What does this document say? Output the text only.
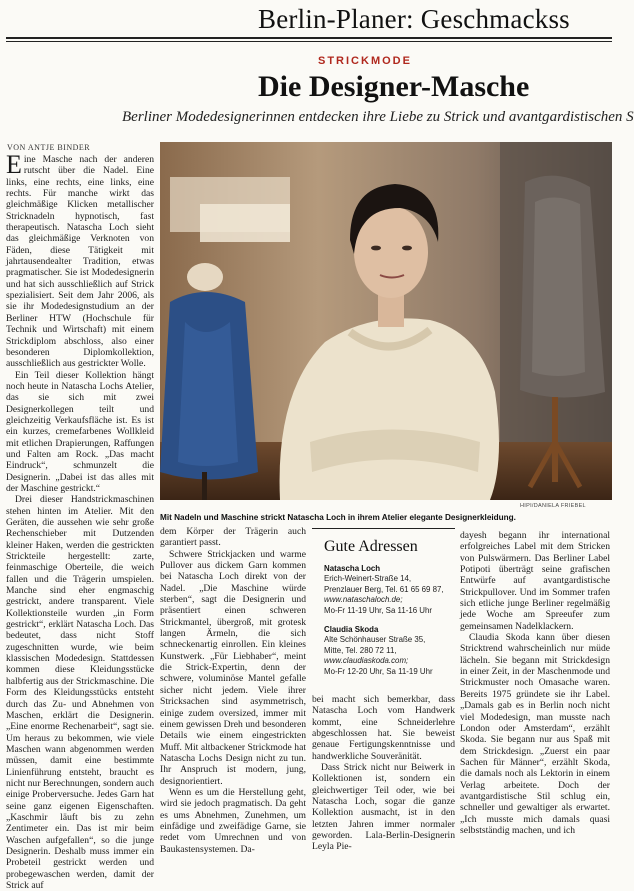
Berlin-Planer: Geschmackss
STRICKMODE
Die Designer-Masche
Berliner Modedesignerinnen entdecken ihre Liebe zu Strick und avantgardistischen S
VON ANTJE BINDER

Eine Masche nach der anderen rutscht über die Nadel. Eine links, eine rechts, eine links, eine rechts. Für manche wirkt das gleichmäßige Klicken metallischer Stricknadeln hypnotisch, fast therapeutisch. Natascha Loch sieht das gleichmäßige Verknoten von Fäden, diese Tätigkeit mit jahrtausendealter Tradition, etwas pragmatischer. Sie ist Modedesignerin und hat sich ausschließlich auf Strick spezialisiert. Seit dem Jahr 2006, als sie ihr Modedesignstudium an der Berliner HTW (Hochschule für Technik und Wirtschaft) mit einem Strickdiplom abschloss, also einer besonderen Diplomkollektion, ausschließlich aus gestrickter Wolle.

Ein Teil dieser Kollektion hängt noch heute in Natascha Lochs Atelier, das sie sich mit zwei Designerkollegen teilt und gleichzeitig Verkaufsfläche ist. Es ist ein kurzes, cremefarbenes Wollkleid mit etlichen Drapierungen, Raffungen und Falten am Rock. „Das macht Eindruck“, schmunzelt die Designerin. „Dabei ist das alles mit der Maschine gestrickt.“

Drei dieser Handstrickmaschinen stehen hinten im Atelier. Mit den Geräten, die aussehen wie sehr große Rechenschieber mit Dutzenden kleiner Haken, werden die gestrickten Strickteile hergestellt: zarte, feinmaschige Oberteile, die weich fallen und die Trägerin umspielen. Manche sind eher engmaschig gestrickt, andere transparent. Viele Kollektionsteile wurden „in Form gestrickt“, erklärt Natascha Loch. Das bedeutet, dass nicht Stoff zugeschnitten wurde, wie beim klassischen Modedesign. Stattdessen kommen diese Kleidungsstücke halbfertig aus der Strickmaschine. Die Form des Kleidungsstücks entsteht durch das Zu- und Abnehmen von Maschen, erklärt die Designerin. „Eine enorme Rechenarbeit“, sagt sie. Um heraus zu bekommen, wie viele Maschen wann abgenommen werden müssen, damit eine bestimmte Linienführung entsteht, braucht es nicht nur Berechnungen, sondern auch einige Proberversuche. Jedes Garn hat seine ganz eigenen Eigenschaften. „Kaschmir läuft bis zu zehn Zentimeter ein. Das ist mir beim Waschen aufgefallen“, so die junge Designerin. Deshalb muss immer ein Probeteil gestrickt werden und probegewaschen werden, damit der Strick auf

HIPI/DANIELA FRIEBEL
Mit Nadeln und Maschine strickt Natascha Loch in ihrem Atelier elegante Designerkleidung.

dem Körper der Trägerin auch garantiert passt.

Schwere Strickjacken und warme Pullover aus dickem Garn kommen bei Natascha Loch direkt von der Nadel. „Die Maschine würde sterben“, sagt die Designerin und präsentiert einen schweren Strickmantel, übergroß, mit grotesk langen Ärmeln, die sich schneckenartig einrollen. Ein kleines Kunstwerk. „Für Liebhaber“, meint die Strick-Expertin, denn der schwere, voluminöse Mantel gefalle sicher nicht jedem. Viele ihrer Stricksachen sind asymmetrisch, einige zudem oversized, immer mit einem gewissen Dreh und besonderen Details wie einem eingestrickten Muff. Mit altbackener Strickmode hat Natascha Lochs Design nicht zu tun. Ihr Anspruch ist modern, jung, designorientiert.

Wenn es um die Herstellung geht, wird sie jedoch pragmatisch. Da geht es ums Abnehmen, Zunehmen, um einfädige und zweifädige Garne, sie redet vom Umrechnen und von Baukastensystemen. Da-

Gute Adressen
Natascha Loch
Erich-Weinert-Straße 14,
Prenzlauer Berg, Tel. 61 65 69 87,
www.nataschaloch.de;
Mo-Fr 11-19 Uhr, Sa 11-16 Uhr
Claudia Skoda
Alte Schönhauser Straße 35,
Mitte, Tel. 280 72 11,
www.claudiaskoda.com;
Mo-Fr 12-20 Uhr, Sa 11-19 Uhr

bei macht sich bemerkbar, dass Natascha Loch vom Handwerk kommt, eine Schneiderlehre abgeschlossen hat. Sie beweist genaue Fertigungskenntnisse und handwerkliche Souveränität.

Dass Strick nicht nur Beiwerk in Kollektionen ist, sondern ein gleichwertiger Teil oder, wie bei Natascha Loch, sogar die ganze Kollektion ausmacht, ist in den letzten Jahren immer normaler geworden. Lala-Berlin-Designerin Leyla Pie-

dayesh begann ihr international erfolgreiches Label mit dem Stricken von Pulswärmern. Das Berliner Label Potipoti überträgt seine grafischen Entwürfe auf avantgardistische Strickpullover. Und im Sommer trafen sich etliche junge Berliner regelmäßig jede Woche am Spreeufer zum gemeinsamen Nadelklackern.

Claudia Skoda kann über diesen Stricktrend wahrscheinlich nur müde lächeln. Sie begann mit Strickdesign in einer Zeit, in der Maschenmode und Strickmuster noch Omasache waren. Bereits 1975 gründete sie ihr Label. „Damals gab es in Berlin noch nicht viel Modedesign, man musste nach London oder Amsterdam“, erzählt Skoda. Sie begann nur aus Spaß mit dem Strickdesign. „Zuerst ein paar Sachen für Männer“, erzählt Skoda, die damals noch als Lektorin in einem Verlag arbeitete. Doch der avantgardistische Stil schlug ein, schneller und gewaltiger als erwartet. „Ich musste mich damals quasi selbstständig machen, und ich
